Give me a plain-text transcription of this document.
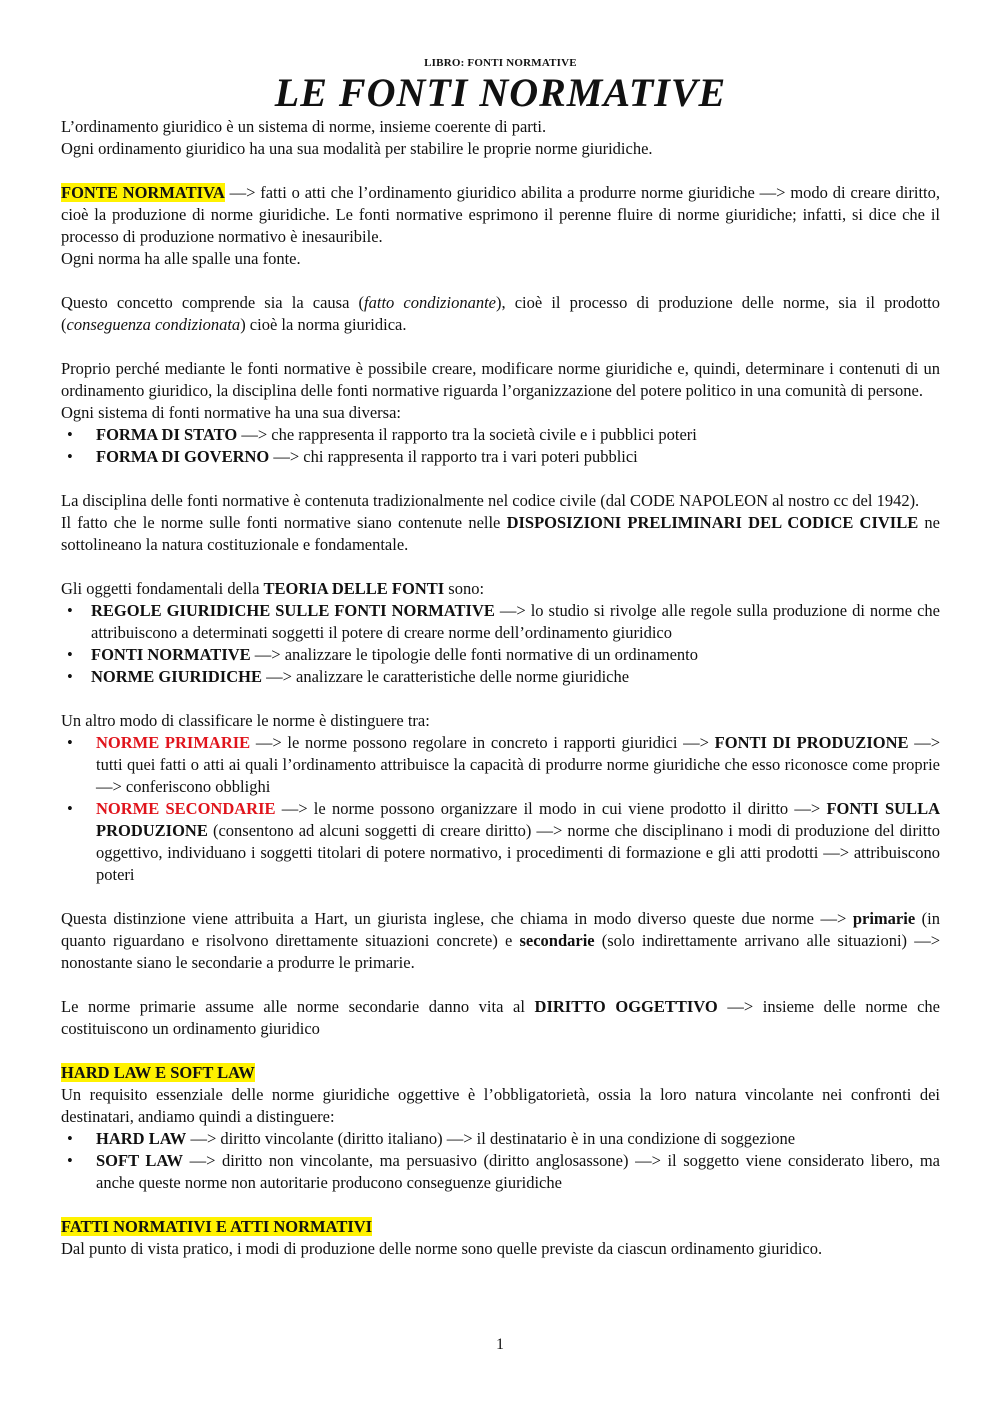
LIBRO: FONTI NORMATIVE
LE FONTI NORMATIVE

L’ordinamento giuridico è un sistema di norme, insieme coerente di parti.

Ogni ordinamento giuridico ha una sua modalità per stabilire le proprie norme giuridiche.

FONTE NORMATIVA —> fatti o atti che l’ordinamento giuridico abilita a produrre norme giuridiche —> modo di creare diritto, cioè la produzione di norme giuridiche. Le fonti normative esprimono il perenne fluire di norme giuridiche; infatti, si dice che il processo di produzione normativo è inesauribile.

Ogni norma ha alle spalle una fonte.

Questo concetto comprende sia la causa (fatto condizionante), cioè il processo di produzione delle norme, sia il prodotto (conseguenza condizionata) cioè la norma giuridica.

Proprio perché mediante le fonti normative è possibile creare, modificare norme giuridiche e, quindi, determinare i contenuti di un ordinamento giuridico, la disciplina delle fonti normative riguarda l’organizzazione del potere politico in una comunità di persone.

Ogni sistema di fonti normative ha una sua diversa:

• FORMA DI STATO —> che rappresenta il rapporto tra la società civile e i pubblici poteri
• FORMA DI GOVERNO —> chi rappresenta il rapporto tra i vari poteri pubblici

La disciplina delle fonti normative è contenuta tradizionalmente nel codice civile (dal CODE NAPOLEON al nostro cc del 1942).

Il fatto che le norme sulle fonti normative siano contenute nelle DISPOSIZIONI PRELIMINARI DEL CODICE CIVILE ne sottolineano la natura costituzionale e fondamentale.

Gli oggetti fondamentali della TEORIA DELLE FONTI sono:

• REGOLE GIURIDICHE SULLE FONTI NORMATIVE —> lo studio si rivolge alle regole sulla produzione di norme che attribuiscono a determinati soggetti il potere di creare norme dell’ordinamento giuridico
• FONTI NORMATIVE —> analizzare le tipologie delle fonti normative di un ordinamento
• NORME GIURIDICHE —> analizzare le caratteristiche delle norme giuridiche

Un altro modo di classificare le norme è distinguere tra:

• NORME PRIMARIE —> le norme possono regolare in concreto i rapporti giuridici —> FONTI DI PRODUZIONE —> tutti quei fatti o atti ai quali l’ordinamento attribuisce la capacità di produrre norme giuridiche che esso riconosce come proprie —> conferiscono obblighi
• NORME SECONDARIE —> le norme possono organizzare il modo in cui viene prodotto il diritto —> FONTI SULLA PRODUZIONE (consentono ad alcuni soggetti di creare diritto) —> norme che disciplinano i modi di produzione del diritto oggettivo, individuano i soggetti titolari di potere normativo, i procedimenti di formazione e gli atti prodotti —> attribuiscono poteri

Questa distinzione viene attribuita a Hart, un giurista inglese, che chiama in modo diverso queste due norme —> primarie (in quanto riguardano e risolvono direttamente situazioni concrete) e secondarie (solo indirettamente arrivano alle situazioni) —> nonostante siano le secondarie a produrre le primarie.

Le norme primarie assume alle norme secondarie danno vita al DIRITTO OGGETTIVO —> insieme delle norme che costituiscono un ordinamento giuridico

HARD LAW E SOFT LAW

Un requisito essenziale delle norme giuridiche oggettive è l’obbligatorietà, ossia la loro natura vincolante nei confronti dei destinatari, andiamo quindi a distinguere:

• HARD LAW —> diritto vincolante (diritto italiano) —> il destinatario è in una condizione di soggezione
• SOFT LAW —> diritto non vincolante, ma persuasivo (diritto anglosassone) —> il soggetto viene considerato libero, ma anche queste norme non autoritarie producono conseguenze giuridiche

FATTI NORMATIVI E ATTI NORMATIVI

Dal punto di vista pratico, i modi di produzione delle norme sono quelle previste da ciascun ordinamento giuridico.

1
